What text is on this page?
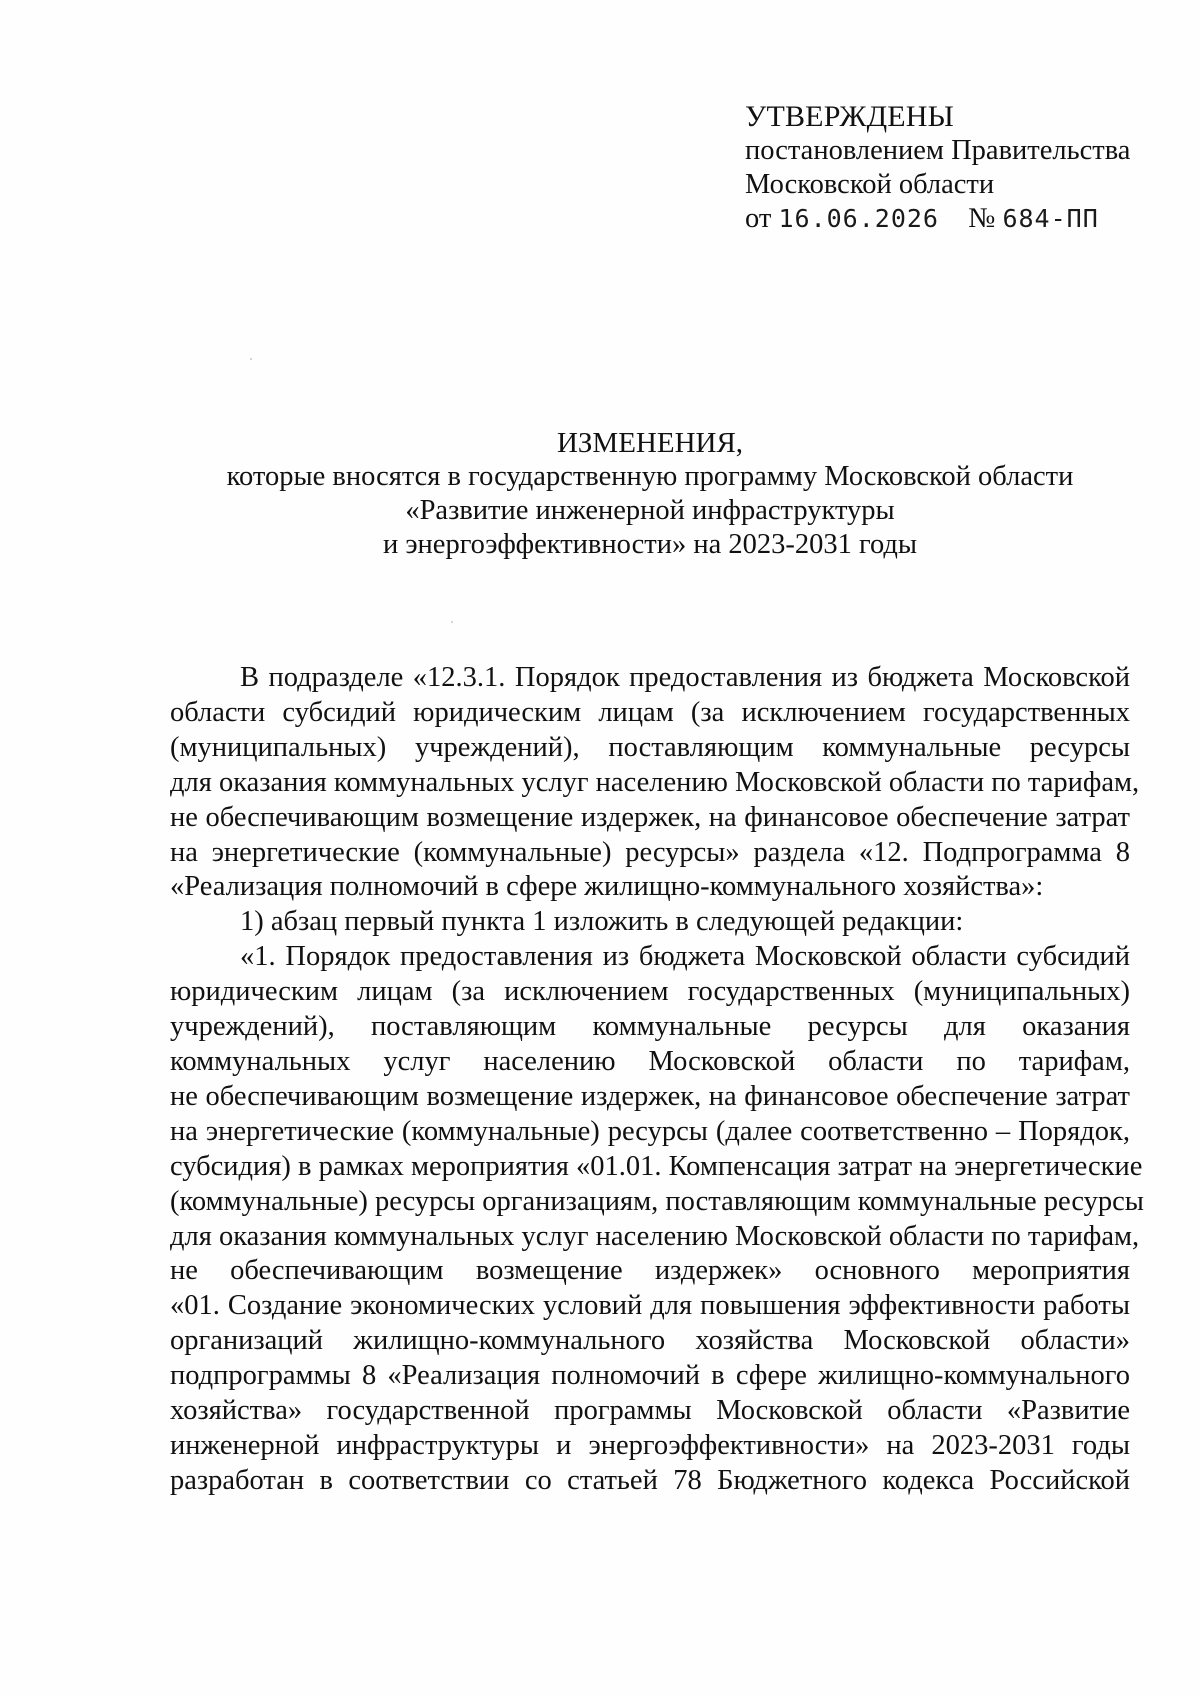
УТВЕРЖДЕНЫ
постановлением Правительства
Московской области
от 16.06.2026 № 684-ПП
ИЗМЕНЕНИЯ,
которые вносятся в государственную программу Московской области
«Развитие инженерной инфраструктуры
и энергоэффективности» на 2023-2031 годы
В подразделе «12.3.1. Порядок предоставления из бюджета Московской
области субсидий юридическим лицам (за исключением государственных
(муниципальных) учреждений), поставляющим коммунальные ресурсы
для оказания коммунальных услуг населению Московской области по тарифам,
не обеспечивающим возмещение издержек, на финансовое обеспечение затрат
на энергетические (коммунальные) ресурсы» раздела «12. Подпрограмма 8
«Реализация полномочий в сфере жилищно-коммунального хозяйства»:
1) абзац первый пункта 1 изложить в следующей редакции:
«1. Порядок предоставления из бюджета Московской области субсидий
юридическим лицам (за исключением государственных (муниципальных)
учреждений), поставляющим коммунальные ресурсы для оказания
коммунальных услуг населению Московской области по тарифам,
не обеспечивающим возмещение издержек, на финансовое обеспечение затрат
на энергетические (коммунальные) ресурсы (далее соответственно – Порядок,
субсидия) в рамках мероприятия «01.01. Компенсация затрат на энергетические
(коммунальные) ресурсы организациям, поставляющим коммунальные ресурсы
для оказания коммунальных услуг населению Московской области по тарифам,
не обеспечивающим возмещение издержек» основного мероприятия
«01. Создание экономических условий для повышения эффективности работы
организаций жилищно-коммунального хозяйства Московской области»
подпрограммы 8 «Реализация полномочий в сфере жилищно-коммунального
хозяйства» государственной программы Московской области «Развитие
инженерной инфраструктуры и энергоэффективности» на 2023-2031 годы
разработан в соответствии со статьей 78 Бюджетного кодекса Российской
